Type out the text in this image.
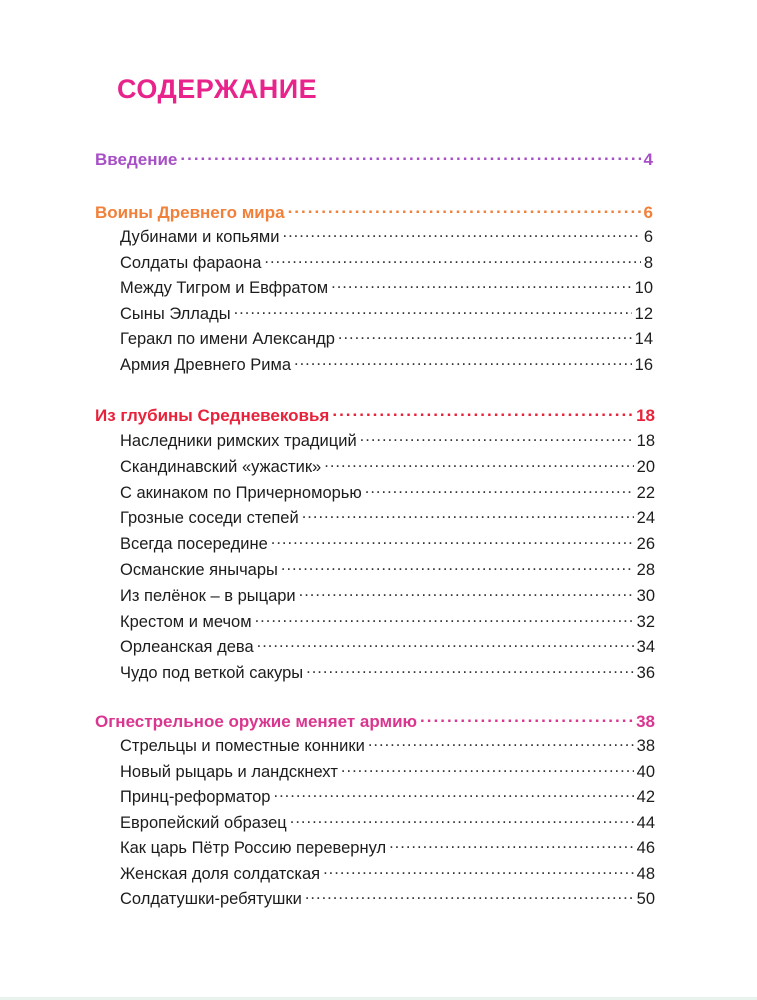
СОДЕРЖАНИЕ
Введение .....	4
Воины Древнего мира .....	6
Дубинами и копьями .....	6
Солдаты фараона .....	8
Между Тигром и Евфратом .....	10
Сыны Эллады .....	12
Геракл по имени Александр .....	14
Армия Древнего Рима .....	16
Из глубины Средневековья .....	18
Наследники римских традиций .....	18
Скандинавский «ужастик» .....	20
С акинаком по Причерноморью .....	22
Грозные соседи степей .....	24
Всегда посередине .....	26
Османские янычары .....	28
Из пелёнок – в рыцари .....	30
Крестом и мечом .....	32
Орлеанская дева .....	34
Чудо под веткой сакуры .....	36
Огнестрельное оружие меняет армию .....	38
Стрельцы и поместные конники .....	38
Новый рыцарь и ландскнехт .....	40
Принц-реформатор .....	42
Европейский образец .....	44
Как царь Пётр Россию перевернул .....	46
Женская доля солдатская .....	48
Солдатушки-ребятушки .....	50
